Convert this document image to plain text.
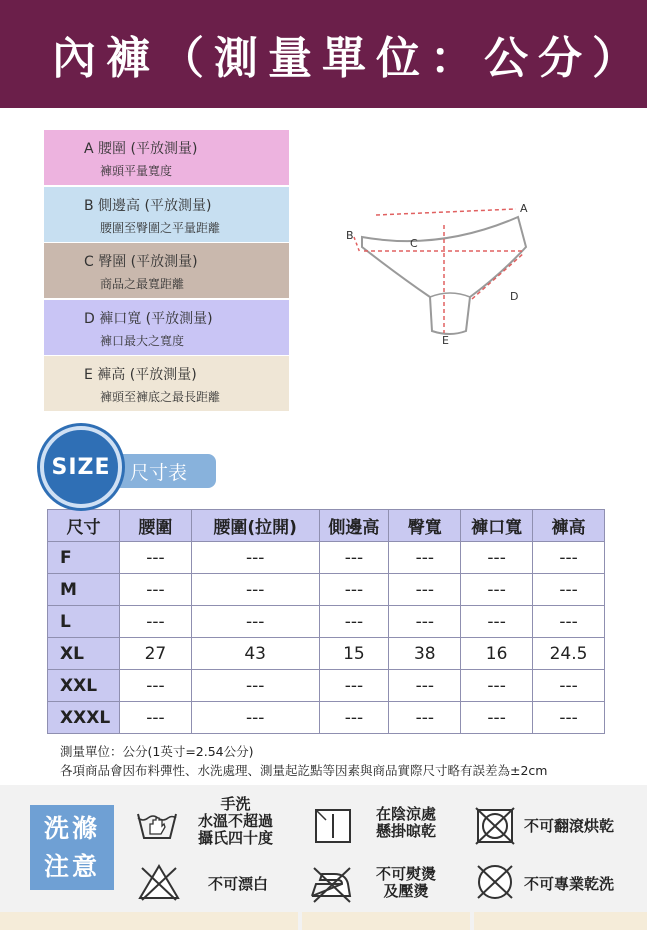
內褲（測量單位：公分）
A 腰圍 (平放測量)
褲頭平量寬度
B 側邊高 (平放測量)
腰圍至臀圍之平量距離
C 臀圍 (平放測量)
商品之最寬距離
D 褲口寬 (平放測量)
褲口最大之寬度
E 褲高 (平放測量)
褲頭至褲底之最長距離
A
B
C
D
E
尺寸表
SIZE
尺寸	腰圍	腰圍(拉開)	側邊高	臀寬	褲口寬	褲高
F	---	---	---	---	---	---
M	---	---	---	---	---	---
L	---	---	---	---	---	---
XL	27	43	15	38	16	24.5
XXL	---	---	---	---	---	---
XXXL	---	---	---	---	---	---
測量單位：公分(1英寸=2.54公分)
各項商品會因布料彈性、水洗處理、測量起訖點等因素與商品實際尺寸略有誤差為±2cm
洗滌
注意
手洗
水溫不超過
攝氏四十度
在陰涼處
懸掛晾乾	不可翻滾烘乾
不可漂白
不可熨燙
及壓燙	不可專業乾洗
